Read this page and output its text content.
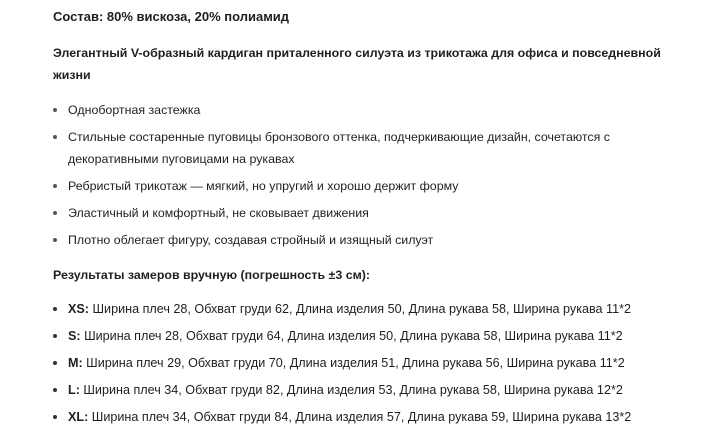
Состав: 80% вискоза, 20% полиамид
Элегантный V-образный кардиган приталенного силуэта из трикотажа для офиса и повседневной жизни
Однобортная застежка
Стильные состаренные пуговицы бронзового оттенка, подчеркивающие дизайн, сочетаются с декоративными пуговицами на рукавах
Ребристый трикотаж — мягкий, но упругий и хорошо держит форму
Эластичный и комфортный, не сковывает движения
Плотно облегает фигуру, создавая стройный и изящный силуэт
Результаты замеров вручную (погрешность ±3 см):
XS: Ширина плеч 28, Обхват груди 62, Длина изделия 50, Длина рукава 58, Ширина рукава 11*2
S: Ширина плеч 28, Обхват груди 64, Длина изделия 50, Длина рукава 58, Ширина рукава 11*2
M: Ширина плеч 29, Обхват груди 70, Длина изделия 51, Длина рукава 56, Ширина рукава 11*2
L: Ширина плеч 34, Обхват груди 82, Длина изделия 53, Длина рукава 58, Ширина рукава 12*2
XL: Ширина плеч 34, Обхват груди 84, Длина изделия 57, Длина рукава 59, Ширина рукава 13*2
